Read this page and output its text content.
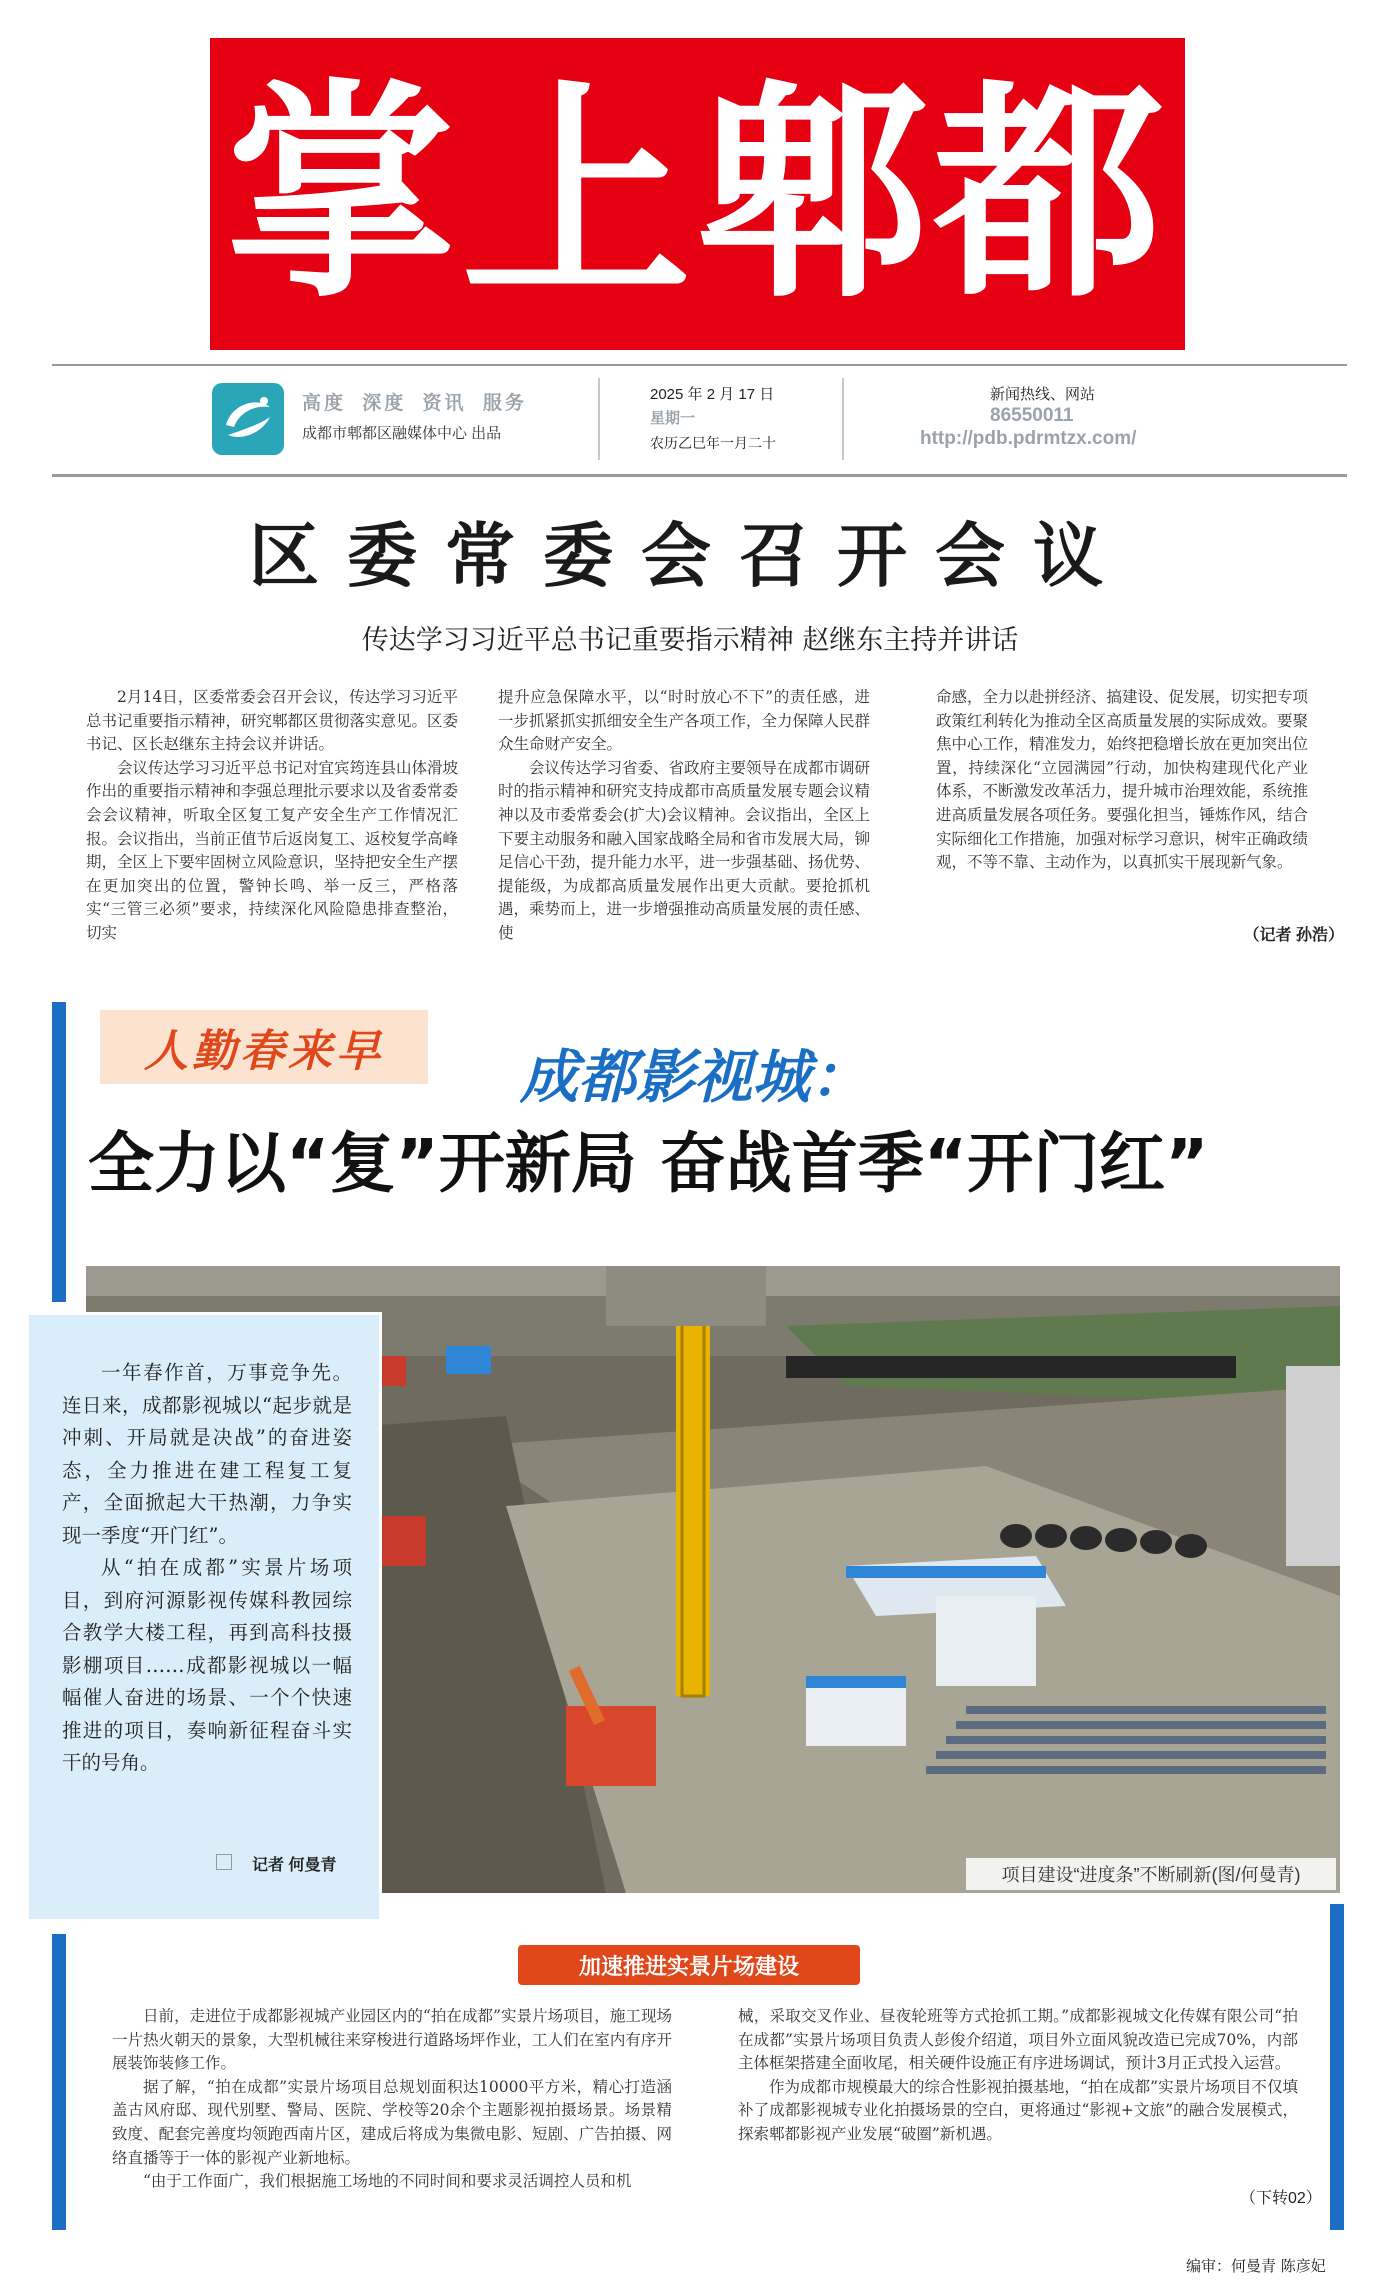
掌上郫都
高度 深度 资讯 服务
成都市郫都区融媒体中心 出品
2025 年 2 月 17 日
星期一
农历乙巳年一月二十
新闻热线、网站
86550011
http://pdb.pdrmtzx.com/
区委常委会召开会议
传达学习习近平总书记重要指示精神 赵继东主持并讲话

2月14日，区委常委会召开会议，传达学习习近平总书记重要指示精神，研究郫都区贯彻落实意见。区委书记、区长赵继东主持会议并讲话。

会议传达学习习近平总书记对宜宾筠连县山体滑坡作出的重要指示精神和李强总理批示要求以及省委常委会会议精神，听取全区复工复产安全生产工作情况汇报。会议指出，当前正值节后返岗复工、返校复学高峰期，全区上下要牢固树立风险意识，坚持把安全生产摆在更加突出的位置，警钟长鸣、举一反三，严格落实“三管三必须”要求，持续深化风险隐患排查整治，切实

提升应急保障水平，以“时时放心不下”的责任感，进一步抓紧抓实抓细安全生产各项工作，全力保障人民群众生命财产安全。

会议传达学习省委、省政府主要领导在成都市调研时的指示精神和研究支持成都市高质量发展专题会议精神以及市委常委会(扩大)会议精神。会议指出，全区上下要主动服务和融入国家战略全局和省市发展大局，铆足信心干劲，提升能力水平，进一步强基础、扬优势、提能级，为成都高质量发展作出更大贡献。要抢抓机遇，乘势而上，进一步增强推动高质量发展的责任感、使

命感，全力以赴拼经济、搞建设、促发展，切实把专项政策红利转化为推动全区高质量发展的实际成效。要聚焦中心工作，精准发力，始终把稳增长放在更加突出位置，持续深化“立园满园”行动，加快构建现代化产业体系，不断激发改革活力，提升城市治理效能，系统推进高质量发展各项任务。要强化担当，锤炼作风，结合实际细化工作措施，加强对标学习意识，树牢正确政绩观，不等不靠、主动作为，以真抓实干展现新气象。

（记者 孙浩）
人勤春来早 成都影视城：
全力以“复”开新局 奋战首季“开门红”
项目建设“进度条”不断刷新(图/何曼青)

一年春作首，万事竞争先。连日来，成都影视城以“起步就是冲刺、开局就是决战”的奋进姿态，全力推进在建工程复工复产，全面掀起大干热潮，力争实现一季度“开门红”。

从“拍在成都”实景片场项目，到府河源影视传媒科教园综合教学大楼工程，再到高科技摄影棚项目……成都影视城以一幅幅催人奋进的场景、一个个快速推进的项目，奏响新征程奋斗实干的号角。

记者 何曼青
加速推进实景片场建设

日前，走进位于成都影视城产业园区内的“拍在成都”实景片场项目，施工现场一片热火朝天的景象，大型机械往来穿梭进行道路场坪作业，工人们在室内有序开展装饰装修工作。

据了解，“拍在成都”实景片场项目总规划面积达10000平方米，精心打造涵盖古风府邸、现代别墅、警局、医院、学校等20余个主题影视拍摄场景。场景精致度、配套完善度均领跑西南片区，建成后将成为集微电影、短剧、广告拍摄、网络直播等于一体的影视产业新地标。

“由于工作面广，我们根据施工场地的不同时间和要求灵活调控人员和机

械，采取交叉作业、昼夜轮班等方式抢抓工期。”成都影视城文化传媒有限公司“拍在成都”实景片场项目负责人彭俊介绍道，项目外立面风貌改造已完成70%，内部主体框架搭建全面收尾，相关硬件设施正有序进场调试，预计3月正式投入运营。

作为成都市规模最大的综合性影视拍摄基地，“拍在成都”实景片场项目不仅填补了成都影视城专业化拍摄场景的空白，更将通过“影视+文旅”的融合发展模式，探索郫都影视产业发展“破圈”新机遇。

（下转02）
编审：何曼青 陈彦妃
